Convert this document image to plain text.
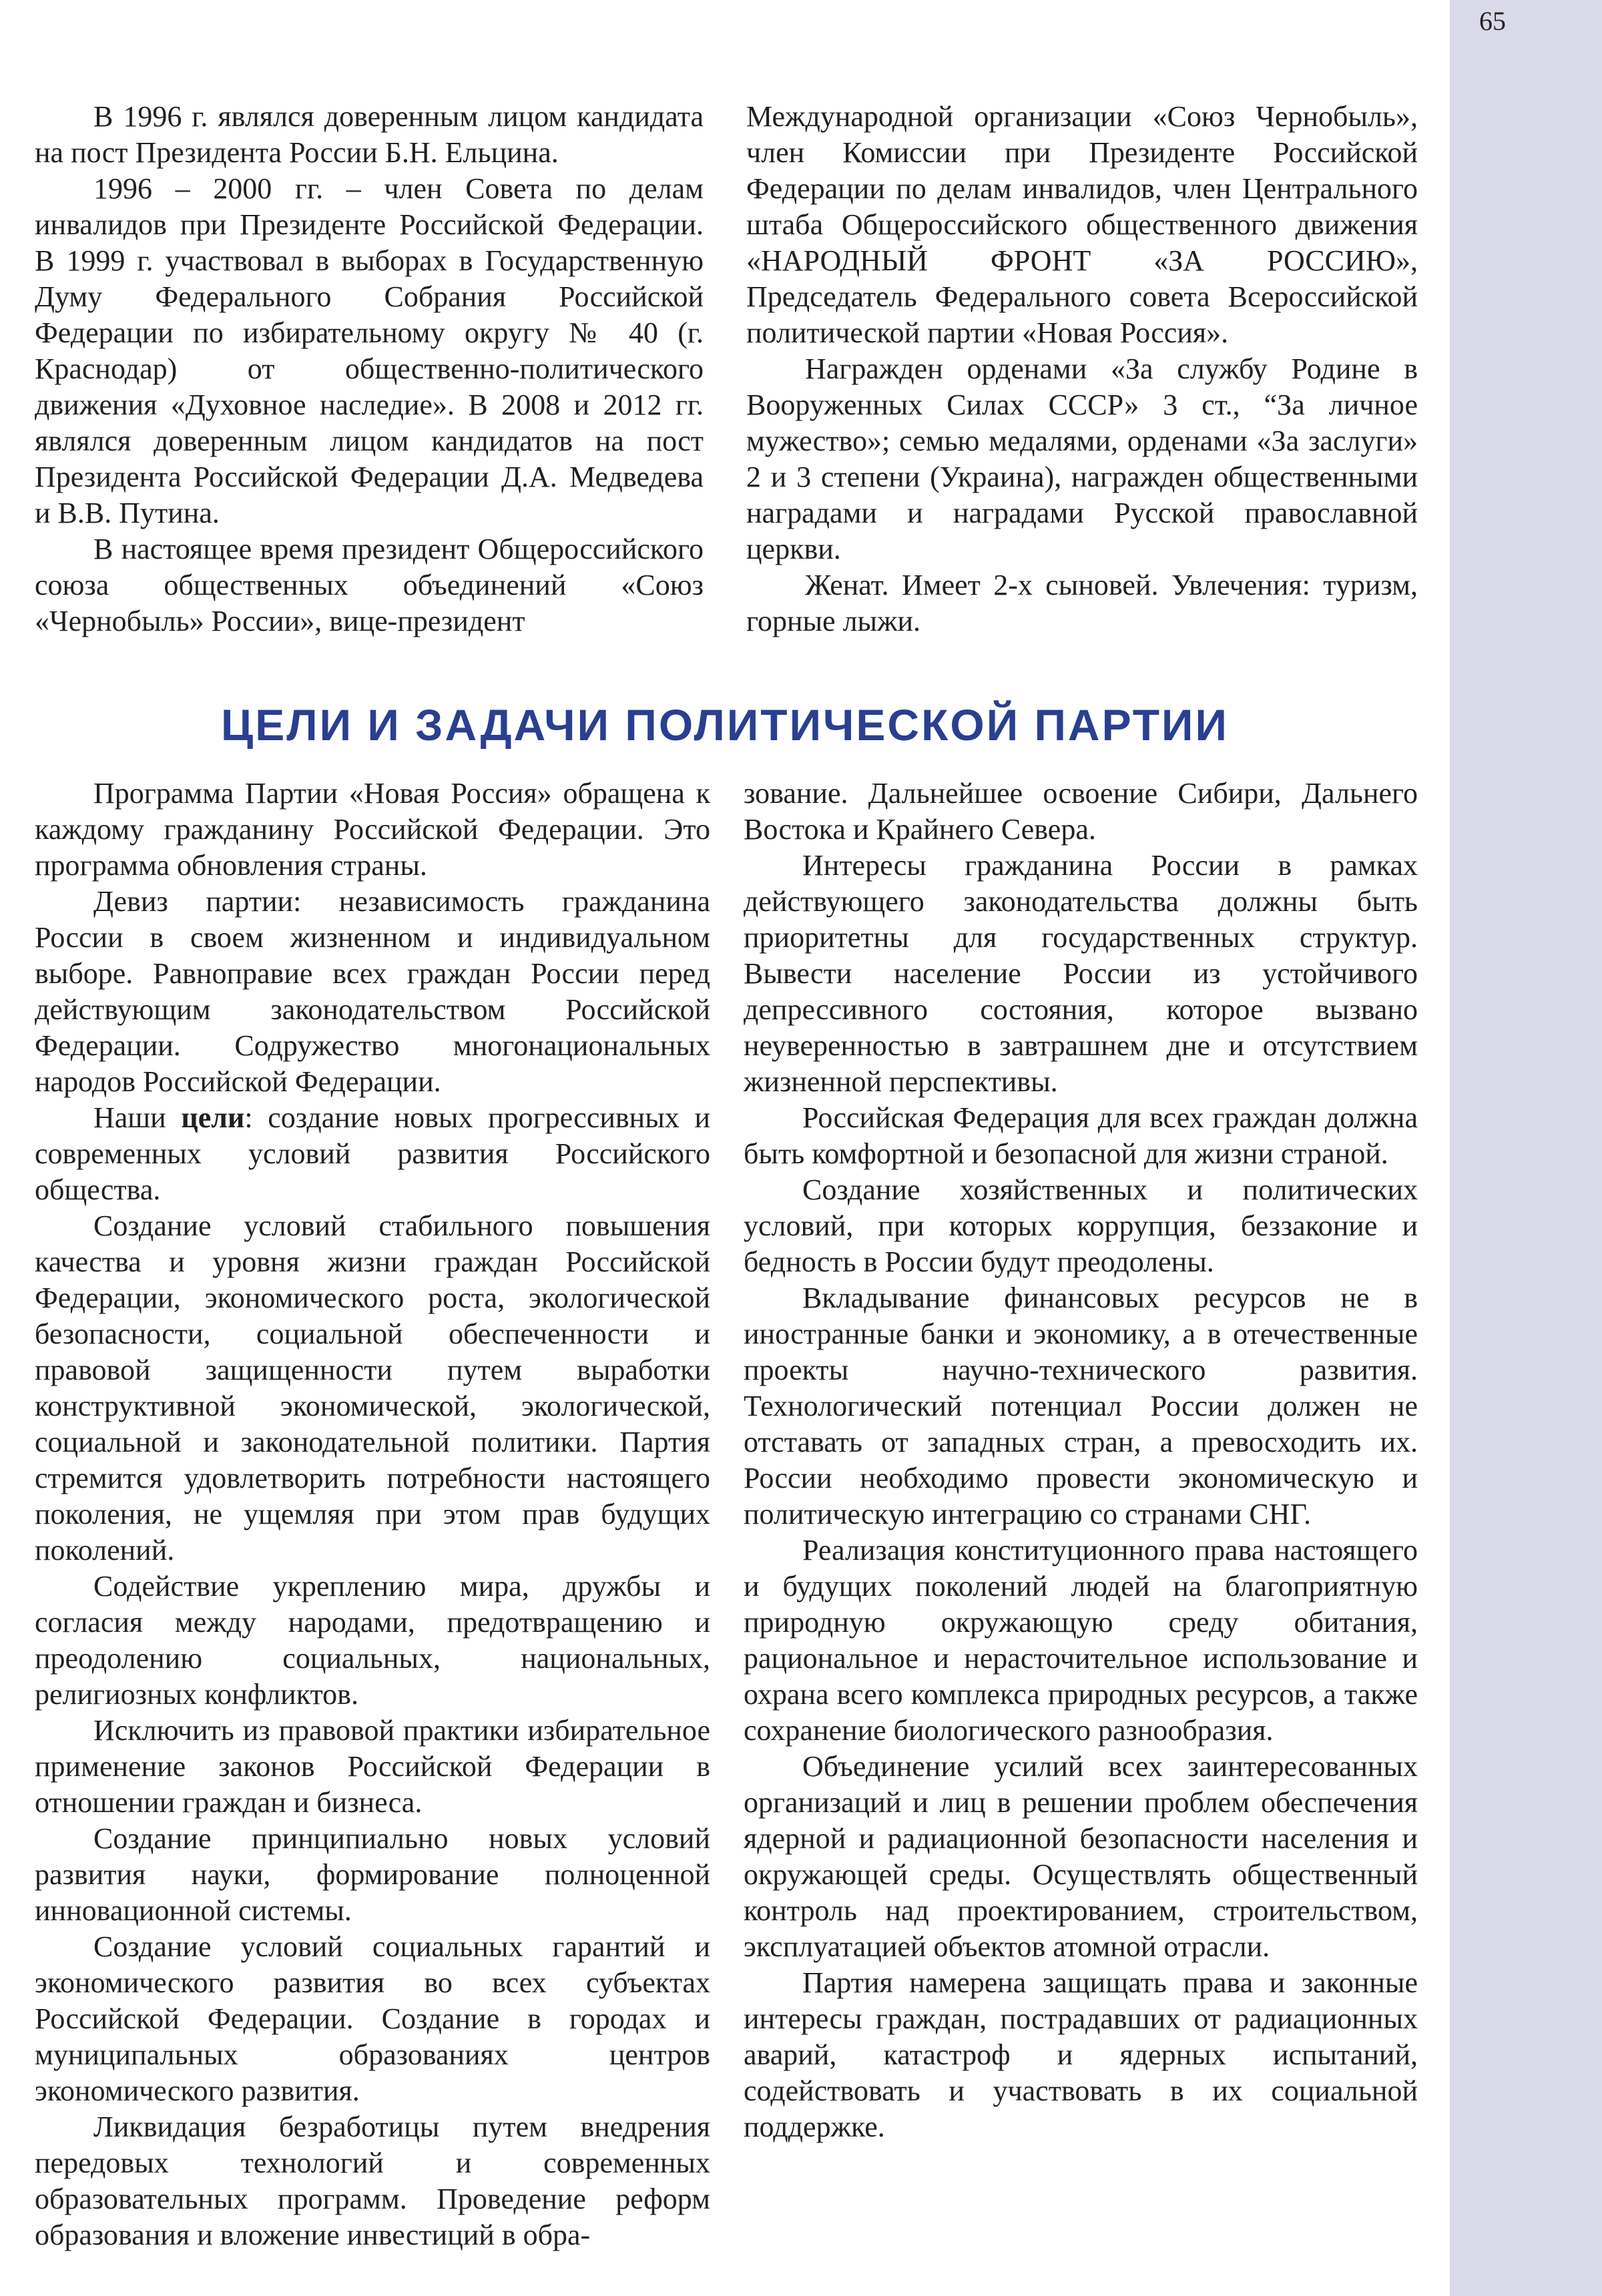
65

В 1996 г. являлся доверенным лицом кандидата на пост Президента России Б.Н. Ельцина.

1996 – 2000 гг. – член Совета по делам инвалидов при Президенте Российской Федерации. В 1999 г. участвовал в выборах в Государственную Думу Федерального Собрания Российской Федерации по избирательному округу № 40 (г. Краснодар) от общественно-политического движения «Духовное наследие». В 2008 и 2012 гг. являлся доверенным лицом кандидатов на пост Президента Российской Федерации Д.А. Медведева и В.В. Путина.

В настоящее время президент Общероссийского союза общественных объединений «Союз «Чернобыль» России», вице-президент

Международной организации «Союз Чернобыль», член Комиссии при Президенте Российской Федерации по делам инвалидов, член Центрального штаба Общероссийского общественного движения «НАРОДНЫЙ ФРОНТ «ЗА РОССИЮ», Председатель Федерального совета Всероссийской политической партии «Новая Россия».

Награжден орденами «За службу Родине в Вооруженных Силах СССР» 3 ст., “За личное мужество»; семью медалями, орденами «За заслуги» 2 и 3 степени (Украина), награжден общественными наградами и наградами Русской православной церкви.

Женат. Имеет 2-х сыновей. Увлечения: туризм, горные лыжи.

ЦЕЛИ И ЗАДАЧИ ПОЛИТИЧЕСКОЙ ПАРТИИ

Программа Партии «Новая Россия» обращена к каждому гражданину Российской Федерации. Это программа обновления страны.

Девиз партии: независимость гражданина России в своем жизненном и индивидуальном выборе. Равноправие всех граждан России перед действующим законодательством Российской Федерации. Содружество многонациональных народов Российской Федерации.

Наши цели: создание новых прогрессивных и современных условий развития Российского общества.

Создание условий стабильного повышения качества и уровня жизни граждан Российской Федерации, экономического роста, экологической безопасности, социальной обеспеченности и правовой защищенности путем выработки конструктивной экономической, экологической, социальной и законодательной политики. Партия стремится удовлетворить потребности настоящего поколения, не ущемляя при этом прав будущих поколений.

Содействие укреплению мира, дружбы и согласия между народами, предотвращению и преодолению социальных, национальных, религиозных конфликтов.

Исключить из правовой практики избирательное применение законов Российской Федерации в отношении граждан и бизнеса.

Создание принципиально новых условий развития науки, формирование полноценной инновационной системы.

Создание условий социальных гарантий и экономического развития во всех субъектах Российской Федерации. Создание в городах и муниципальных образованиях центров экономического развития.

Ликвидация безработицы путем внедрения передовых технологий и современных образовательных программ. Проведение реформ образования и вложение инвестиций в обра-

зование. Дальнейшее освоение Сибири, Дальнего Востока и Крайнего Севера.

Интересы гражданина России в рамках действующего законодательства должны быть приоритетны для государственных структур. Вывести население России из устойчивого депрессивного состояния, которое вызвано неуверенностью в завтрашнем дне и отсутствием жизненной перспективы.

Российская Федерация для всех граждан должна быть комфортной и безопасной для жизни страной.

Создание хозяйственных и политических условий, при которых коррупция, беззаконие и бедность в России будут преодолены.

Вкладывание финансовых ресурсов не в иностранные банки и экономику, а в отечественные проекты научно-технического развития. Технологический потенциал России должен не отставать от западных стран, а превосходить их. России необходимо провести экономическую и политическую интеграцию со странами СНГ.

Реализация конституционного права настоящего и будущих поколений людей на благоприятную природную окружающую среду обитания, рациональное и нерасточительное использование и охрана всего комплекса природных ресурсов, а также сохранение биологического разнообразия.

Объединение усилий всех заинтересованных организаций и лиц в решении проблем обеспечения ядерной и радиационной безопасности населения и окружающей среды. Осуществлять общественный контроль над проектированием, строительством, эксплуатацией объектов атомной отрасли.

Партия намерена защищать права и законные интересы граждан, пострадавших от радиационных аварий, катастроф и ядерных испытаний, содействовать и участвовать в их социальной поддержке.
